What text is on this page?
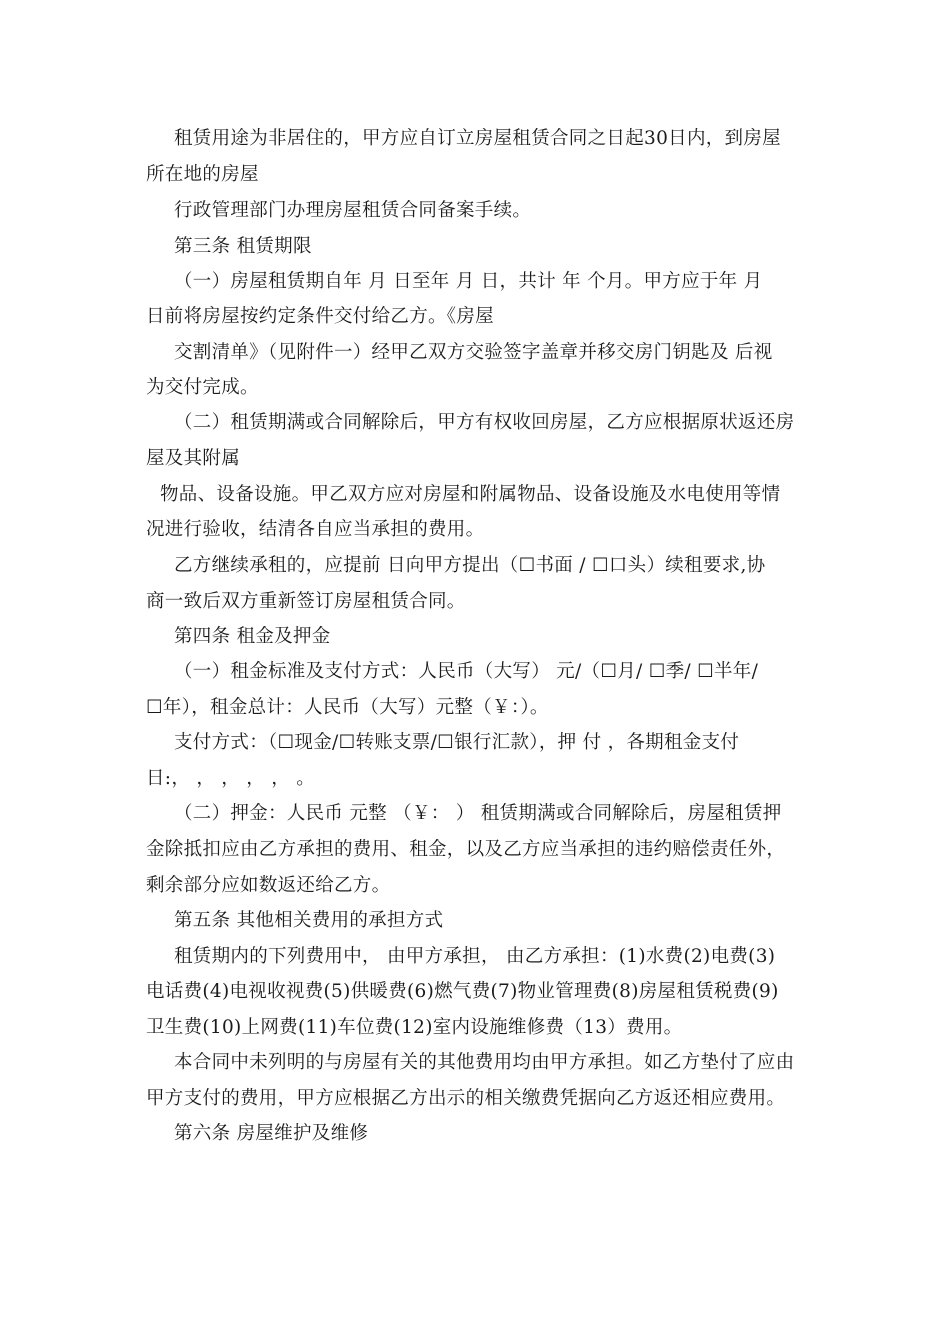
租赁用途为非居住的，甲方应自订立房屋租赁合同之日起30日内，到房屋
所在地的房屋
行政管理部门办理房屋租赁合同备案手续。
第三条 租赁期限
（一）房屋租赁期自年 月 日至年 月 日，共计 年 个月。甲方应于年 月
日前将房屋按约定条件交付给乙方。《房屋
交割清单》（见附件一）经甲乙双方交验签字盖章并移交房门钥匙及 后视
为交付完成。
（二）租赁期满或合同解除后，甲方有权收回房屋，乙方应根据原状返还房
屋及其附属
物品、设备设施。甲乙双方应对房屋和附属物品、设备设施及水电使用等情
况进行验收，结清各自应当承担的费用。
乙方继续承租的，应提前 日向甲方提出（☐书面 / ☐口头）续租要求,协
商一致后双方重新签订房屋租赁合同。
第四条 租金及押金
（一）租金标准及支付方式：人民币（大写） 元/（☐月/ ☐季/ ☐半年/
☐年），租金总计：人民币（大写）元整（￥：）。
支付方式：（☐现金/☐转账支票/☐银行汇款），押 付 ，各期租金支付
日:， ， ， ， ， 。
（二）押金：人民币 元整 （￥： ） 租赁期满或合同解除后，房屋租赁押
金除抵扣应由乙方承担的费用、租金，以及乙方应当承担的违约赔偿责任外，
剩余部分应如数返还给乙方。
第五条 其他相关费用的承担方式
租赁期内的下列费用中， 由甲方承担， 由乙方承担：(1)水费(2)电费(3)
电话费(4)电视收视费(5)供暖费(6)燃气费(7)物业管理费(8)房屋租赁税费(9)
卫生费(10)上网费(11)车位费(12)室内设施维修费（13）费用。
本合同中未列明的与房屋有关的其他费用均由甲方承担。如乙方垫付了应由
甲方支付的费用，甲方应根据乙方出示的相关缴费凭据向乙方返还相应费用。
第六条 房屋维护及维修
